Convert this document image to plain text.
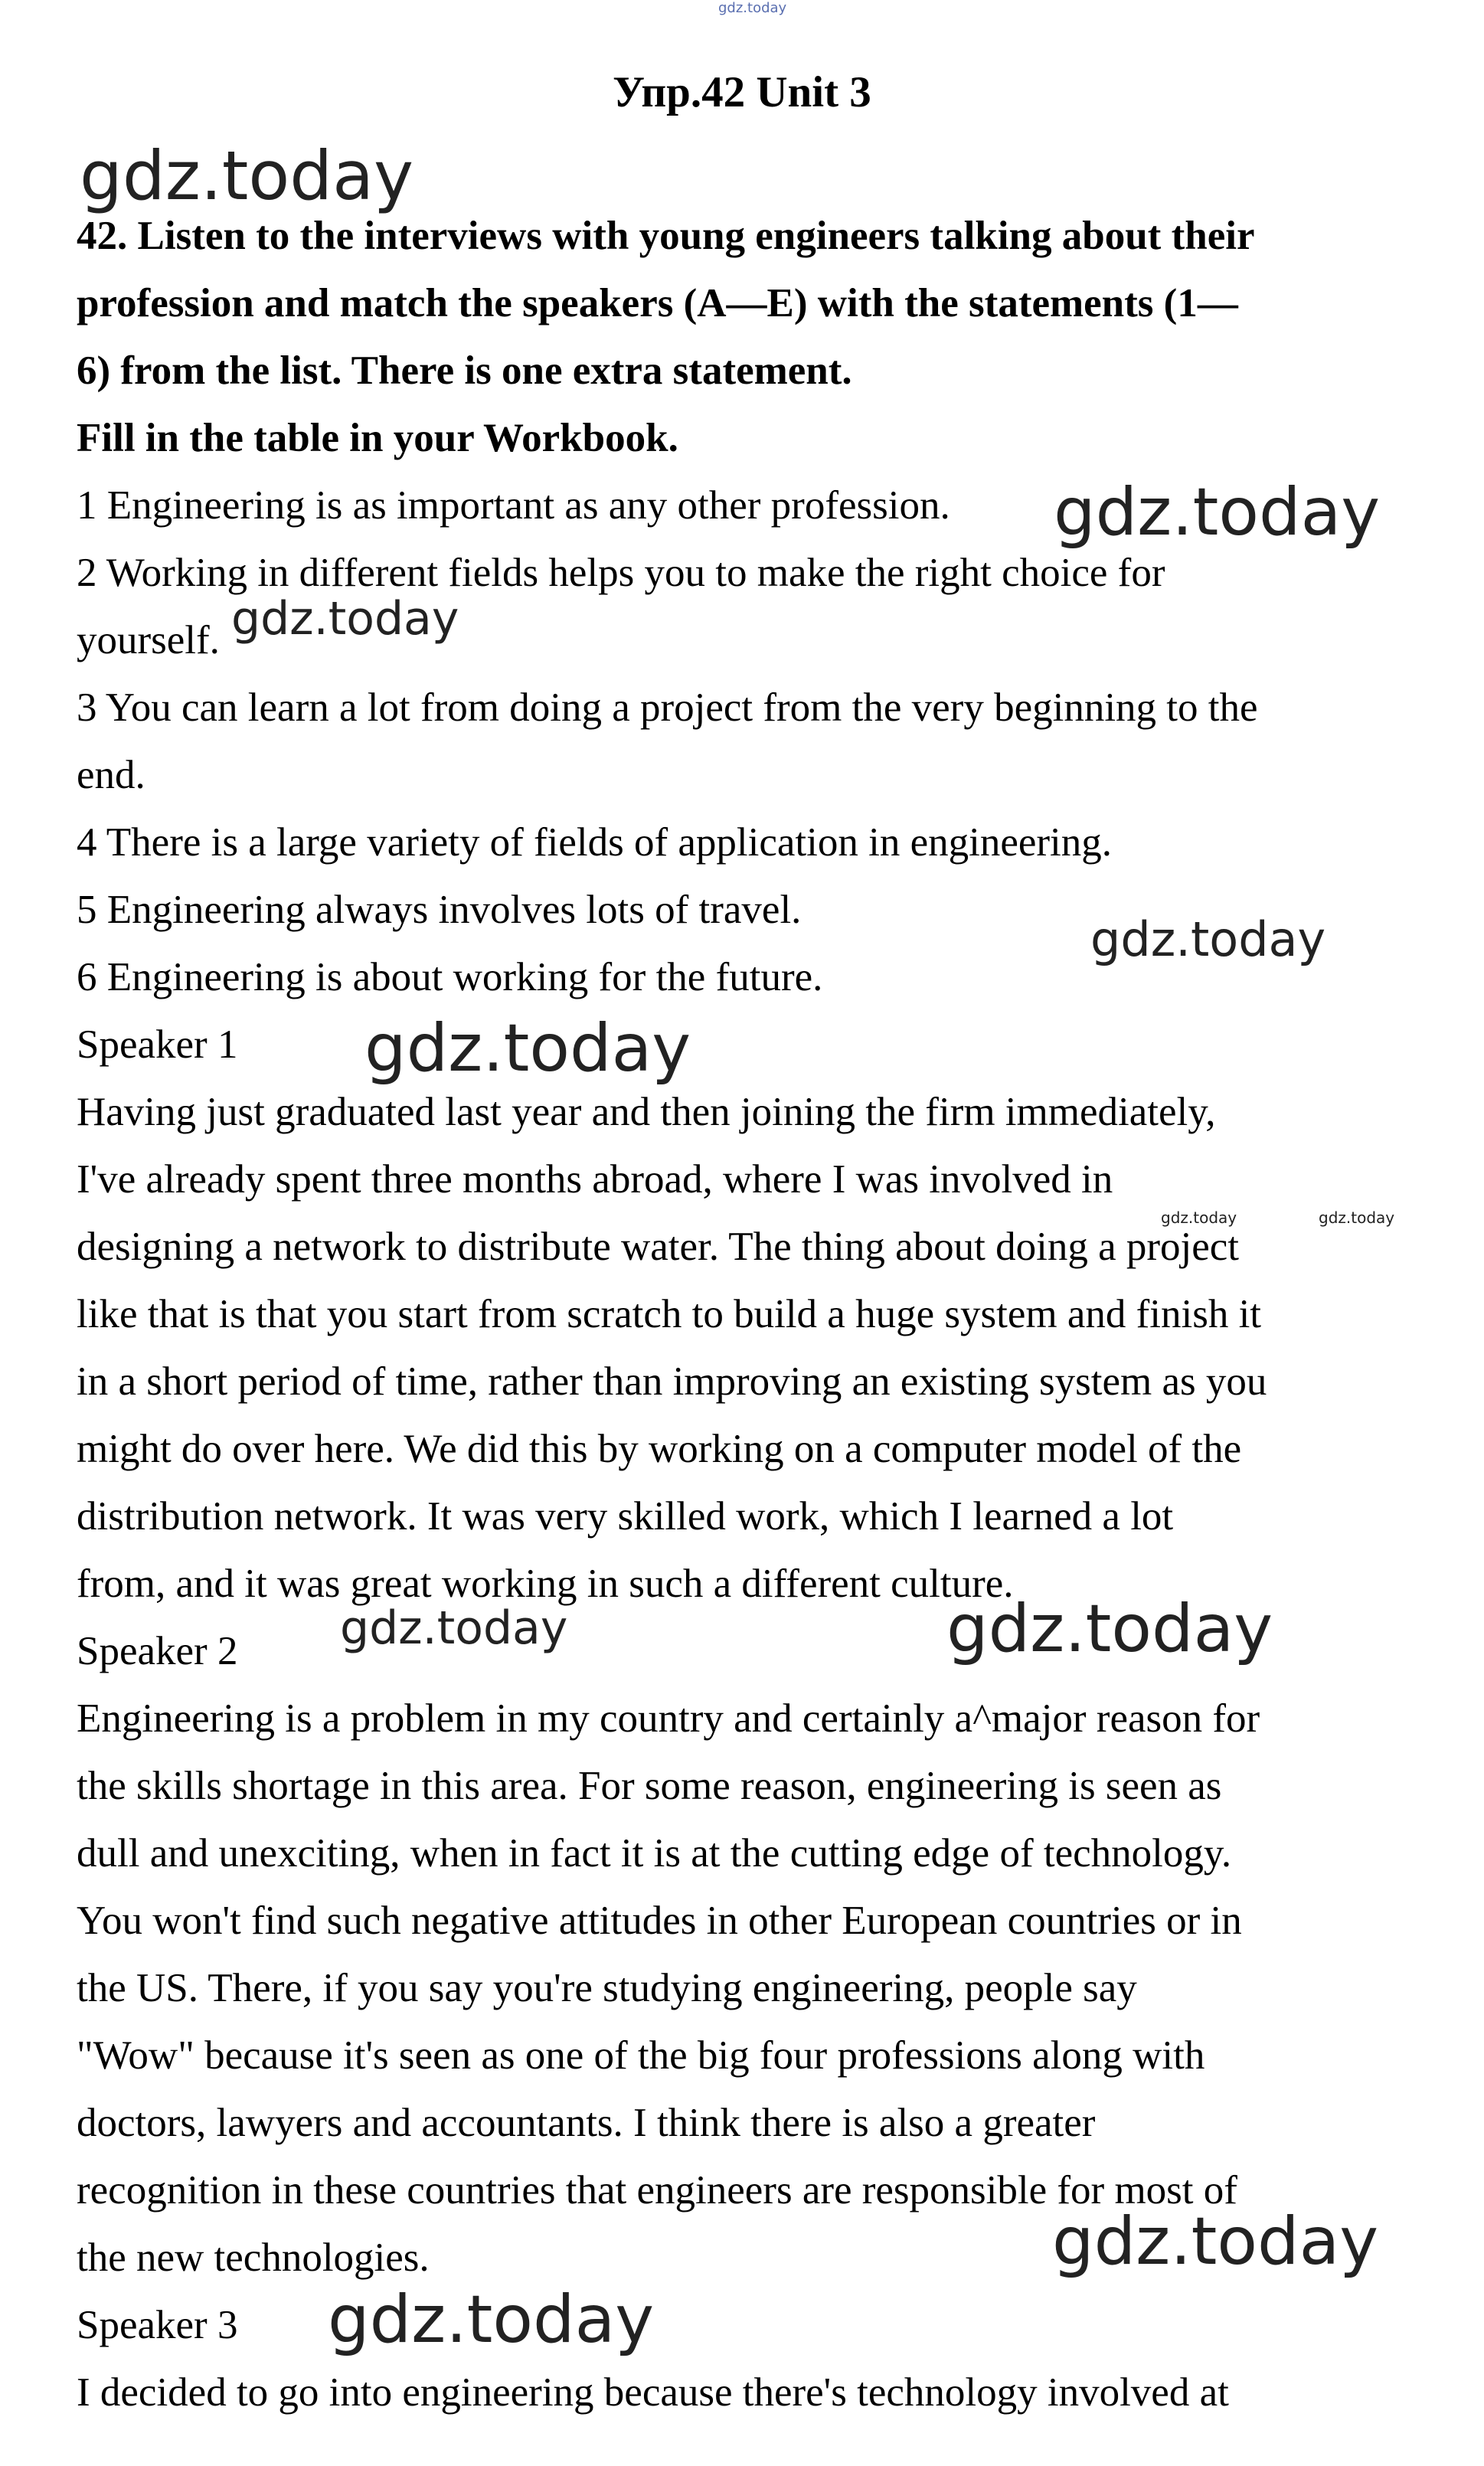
gdz.today
Упр.42 Unit 3
gdz.today
42. Listen to the interviews with young engineers talking about their
profession and match the speakers (A—E) with the statements (1—
6) from the list. There is one extra statement.
Fill in the table in your Workbook.
1 Engineering is as important as any other profession. gdz.today
2 Working in different fields helps you to make the right choice for
yourself. gdz.today
3 You can learn a lot from doing a project from the very beginning to the
end.
4 There is a large variety of fields of application in engineering.
5 Engineering always involves lots of travel.
6 Engineering is about working for the future.
gdz.today
Speaker 1 gdz.today
Having just graduated last year and then joining the firm immediately,
I've already spent three months abroad, where I was involved in
gdz.today	gdz.today
designing a network to distribute water. The thing about doing a project
like that is that you start from scratch to build a huge system and finish it
in a short period of time, rather than improving an existing system as you
might do over here. We did this by working on a computer model of the
distribution network. It was very skilled work, which I learned a lot
from, and it was great working in such a different culture.
Speaker 2 gdz.today	gdz.today
Engineering is a problem in my country and certainly a^major reason for
the skills shortage in this area. For some reason, engineering is seen as
dull and unexciting, when in fact it is at the cutting edge of technology.
You won't find such negative attitudes in other European countries or in
the US. There, if you say you're studying engineering, people say
"Wow" because it's seen as one of the big four professions along with
doctors, lawyers and accountants. I think there is also a greater
recognition in these countries that engineers are responsible for most of
the new technologies.	gdz.today
Speaker 3 gdz.today
I decided to go into engineering because there's technology involved at
